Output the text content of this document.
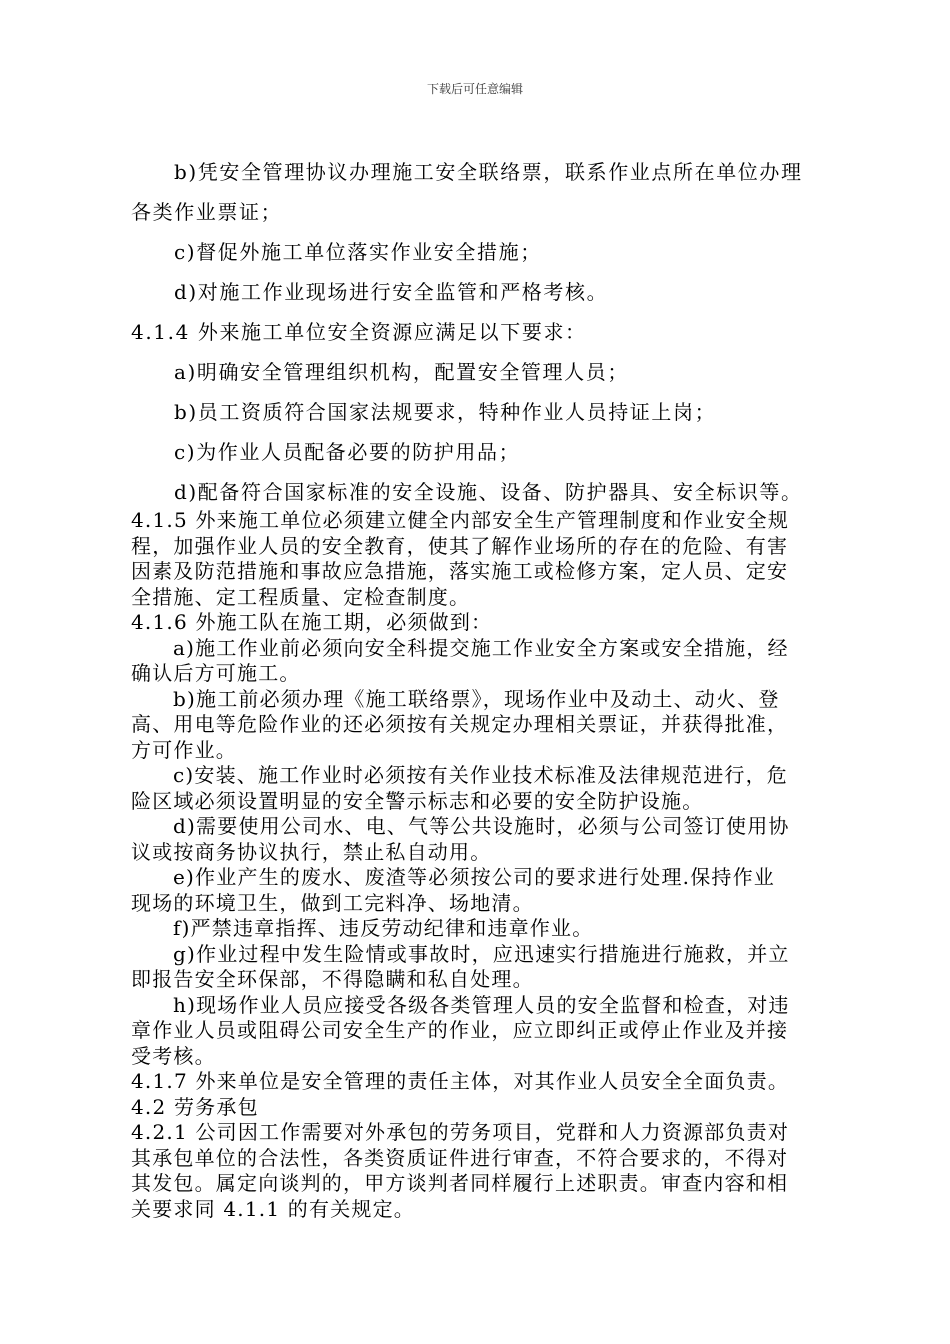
下载后可任意编辑
b)凭安全管理协议办理施工安全联络票，联系作业点所在单位办理
各类作业票证；
c)督促外施工单位落实作业安全措施；
d)对施工作业现场进行安全监管和严格考核。
4.1.4 外来施工单位安全资源应满足以下要求：
a)明确安全管理组织机构，配置安全管理人员；
b)员工资质符合国家法规要求，特种作业人员持证上岗；
c)为作业人员配备必要的防护用品；
d)配备符合国家标准的安全设施、设备、防护器具、安全标识等。
4.1.5 外来施工单位必须建立健全内部安全生产管理制度和作业安全规
程，加强作业人员的安全教育，使其了解作业场所的存在的危险、有害
因素及防范措施和事故应急措施，落实施工或检修方案，定人员、定安
全措施、定工程质量、定检查制度。
4.1.6 外施工队在施工期，必须做到：
a)施工作业前必须向安全科提交施工作业安全方案或安全措施，经
确认后方可施工。
b)施工前必须办理《施工联络票》，现场作业中及动土、动火、登
高、用电等危险作业的还必须按有关规定办理相关票证，并获得批准，
方可作业。
c)安装、施工作业时必须按有关作业技术标准及法律规范进行，危
险区域必须设置明显的安全警示标志和必要的安全防护设施。
d)需要使用公司水、电、气等公共设施时，必须与公司签订使用协
议或按商务协议执行，禁止私自动用。
e)作业产生的废水、废渣等必须按公司的要求进行处理.保持作业
现场的环境卫生，做到工完料净、场地清。
f)严禁违章指挥、违反劳动纪律和违章作业。
g)作业过程中发生险情或事故时，应迅速实行措施进行施救，并立
即报告安全环保部，不得隐瞒和私自处理。
h)现场作业人员应接受各级各类管理人员的安全监督和检查，对违
章作业人员或阻碍公司安全生产的作业，应立即纠正或停止作业及并接
受考核。
4.1.7 外来单位是安全管理的责任主体，对其作业人员安全全面负责。
4.2 劳务承包
4.2.1 公司因工作需要对外承包的劳务项目，党群和人力资源部负责对
其承包单位的合法性，各类资质证件进行审查，不符合要求的，不得对
其发包。属定向谈判的，甲方谈判者同样履行上述职责。审查内容和相
关要求同 4.1.1 的有关规定。
